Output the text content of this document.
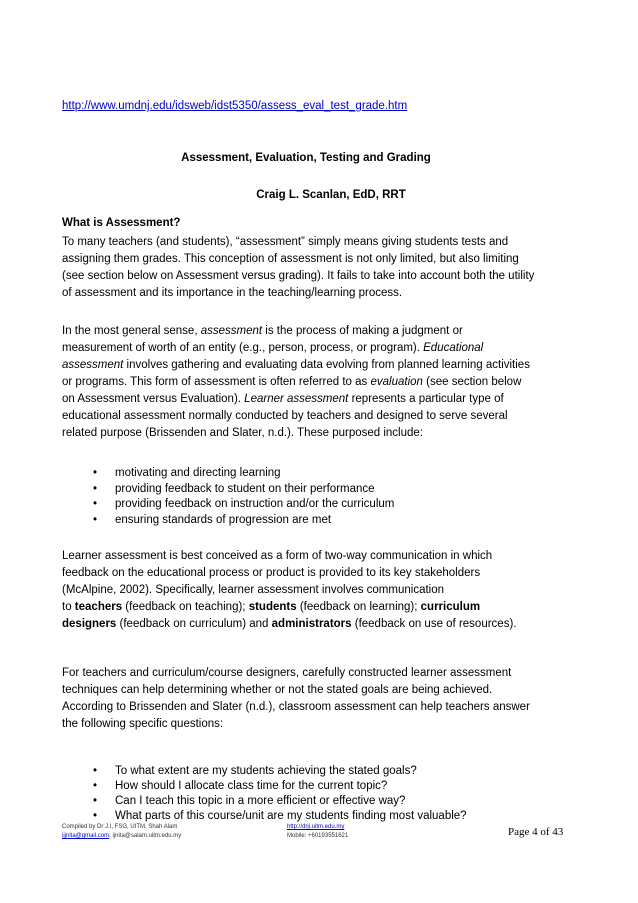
http://www.umdnj.edu/idsweb/idst5350/assess_eval_test_grade.htm
Assessment, Evaluation, Testing and Grading
Craig L. Scanlan, EdD, RRT
What is Assessment?
To many teachers (and students), “assessment” simply means giving students tests and
assigning them grades. This conception of assessment is not only limited, but also limiting
(see section below on Assessment versus grading). It fails to take into account both the utility
of assessment and its importance in the teaching/learning process.
In the most general sense, assessment is the process of making a judgment or
measurement of worth of an entity (e.g., person, process, or program). Educational
assessment involves gathering and evaluating data evolving from planned learning activities
or programs. This form of assessment is often referred to as evaluation (see section below
on Assessment versus Evaluation). Learner assessment represents a particular type of
educational assessment normally conducted by teachers and designed to serve several
related purpose (Brissenden and Slater, n.d.). These purposed include:
• motivating and directing learning
• providing feedback to student on their performance
• providing feedback on instruction and/or the curriculum
• ensuring standards of progression are met
Learner assessment is best conceived as a form of two-way communication in which
feedback on the educational process or product is provided to its key stakeholders
(McAlpine, 2002). Specifically, learner assessment involves communication
to teachers (feedback on teaching); students (feedback on learning); curriculum
designers (feedback on curriculum) and administrators (feedback on use of resources).
For teachers and curriculum/course designers, carefully constructed learner assessment
techniques can help determining whether or not the stated goals are being achieved.
According to Brissenden and Slater (n.d.), classroom assessment can help teachers answer
the following specific questions:
• To what extent are my students achieving the stated goals?
• How should I allocate class time for the current topic?
• Can I teach this topic in a more efficient or effective way?
• What parts of this course/unit are my students finding most valuable?
Compiled by Dr J.I, FSG, UITM, Shah Alam
ijjnita@gmail.com, ijnita@salam.uitm.edu.my
http://drji.uitm.edu.my
Mobile: +60193551621	Page 4 of 43
